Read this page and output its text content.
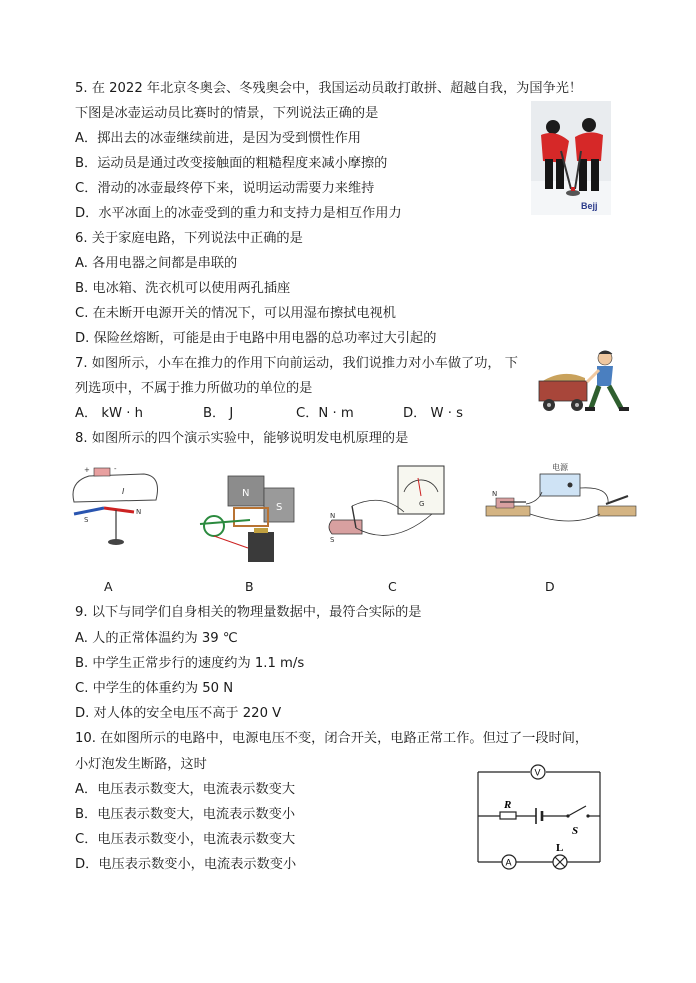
5. 在 2022 年北京冬奥会、冬残奥会中，我国运动员敢打敢拼、超越自我，为国争光！
下图是冰壶运动员比赛时的情景，下列说法正确的是
A．掷出去的冰壶继续前进，是因为受到惯性作用
B．运动员是通过改变接触面的粗糙程度来减小摩擦的
C．滑动的冰壶最终停下来，说明运动需要力来维持
D．水平冰面上的冰壶受到的重力和支持力是相互作用力	Bejj
6. 关于家庭电路，下列说法中正确的是
A. 各用电器之间都是串联的
B. 电冰箱、洗衣机可以使用两孔插座
C. 在未断开电源开关的情况下，可以用湿布擦拭电视机
D. 保险丝熔断，可能是由于电路中用电器的总功率过大引起的
7. 如图所示，小车在推力的作用下向前运动，我们说推力对小车做了功， 下
列选项中，不属于推力所做功的单位的是
A． kW · h	B． J	C．N · m	D． W · s
8. 如图所示的四个演示实验中，能够说明发电机原理的是
+	-
I
S
N
N
S	G
S
N
电源
N
A	B	C	D
9. 以下与同学们自身相关的物理量数据中，最符合实际的是
A. 人的正常体温约为 39 ℃
B. 中学生正常步行的速度约为 1.1 m/s
C. 中学生的体重约为 50 N
D. 对人体的安全电压不高于 220 V
10. 在如图所示的电路中，电源电压不变，闭合开关，电路正常工作。但过了一段时间，
小灯泡发生断路，这时
A．电压表示数变大，电流表示数变大
B．电压表示数变大，电流表示数变小
C．电压表示数变小，电流表示数变大
D．电压表示数变小，电流表示数变小
V
A
L
R
S
